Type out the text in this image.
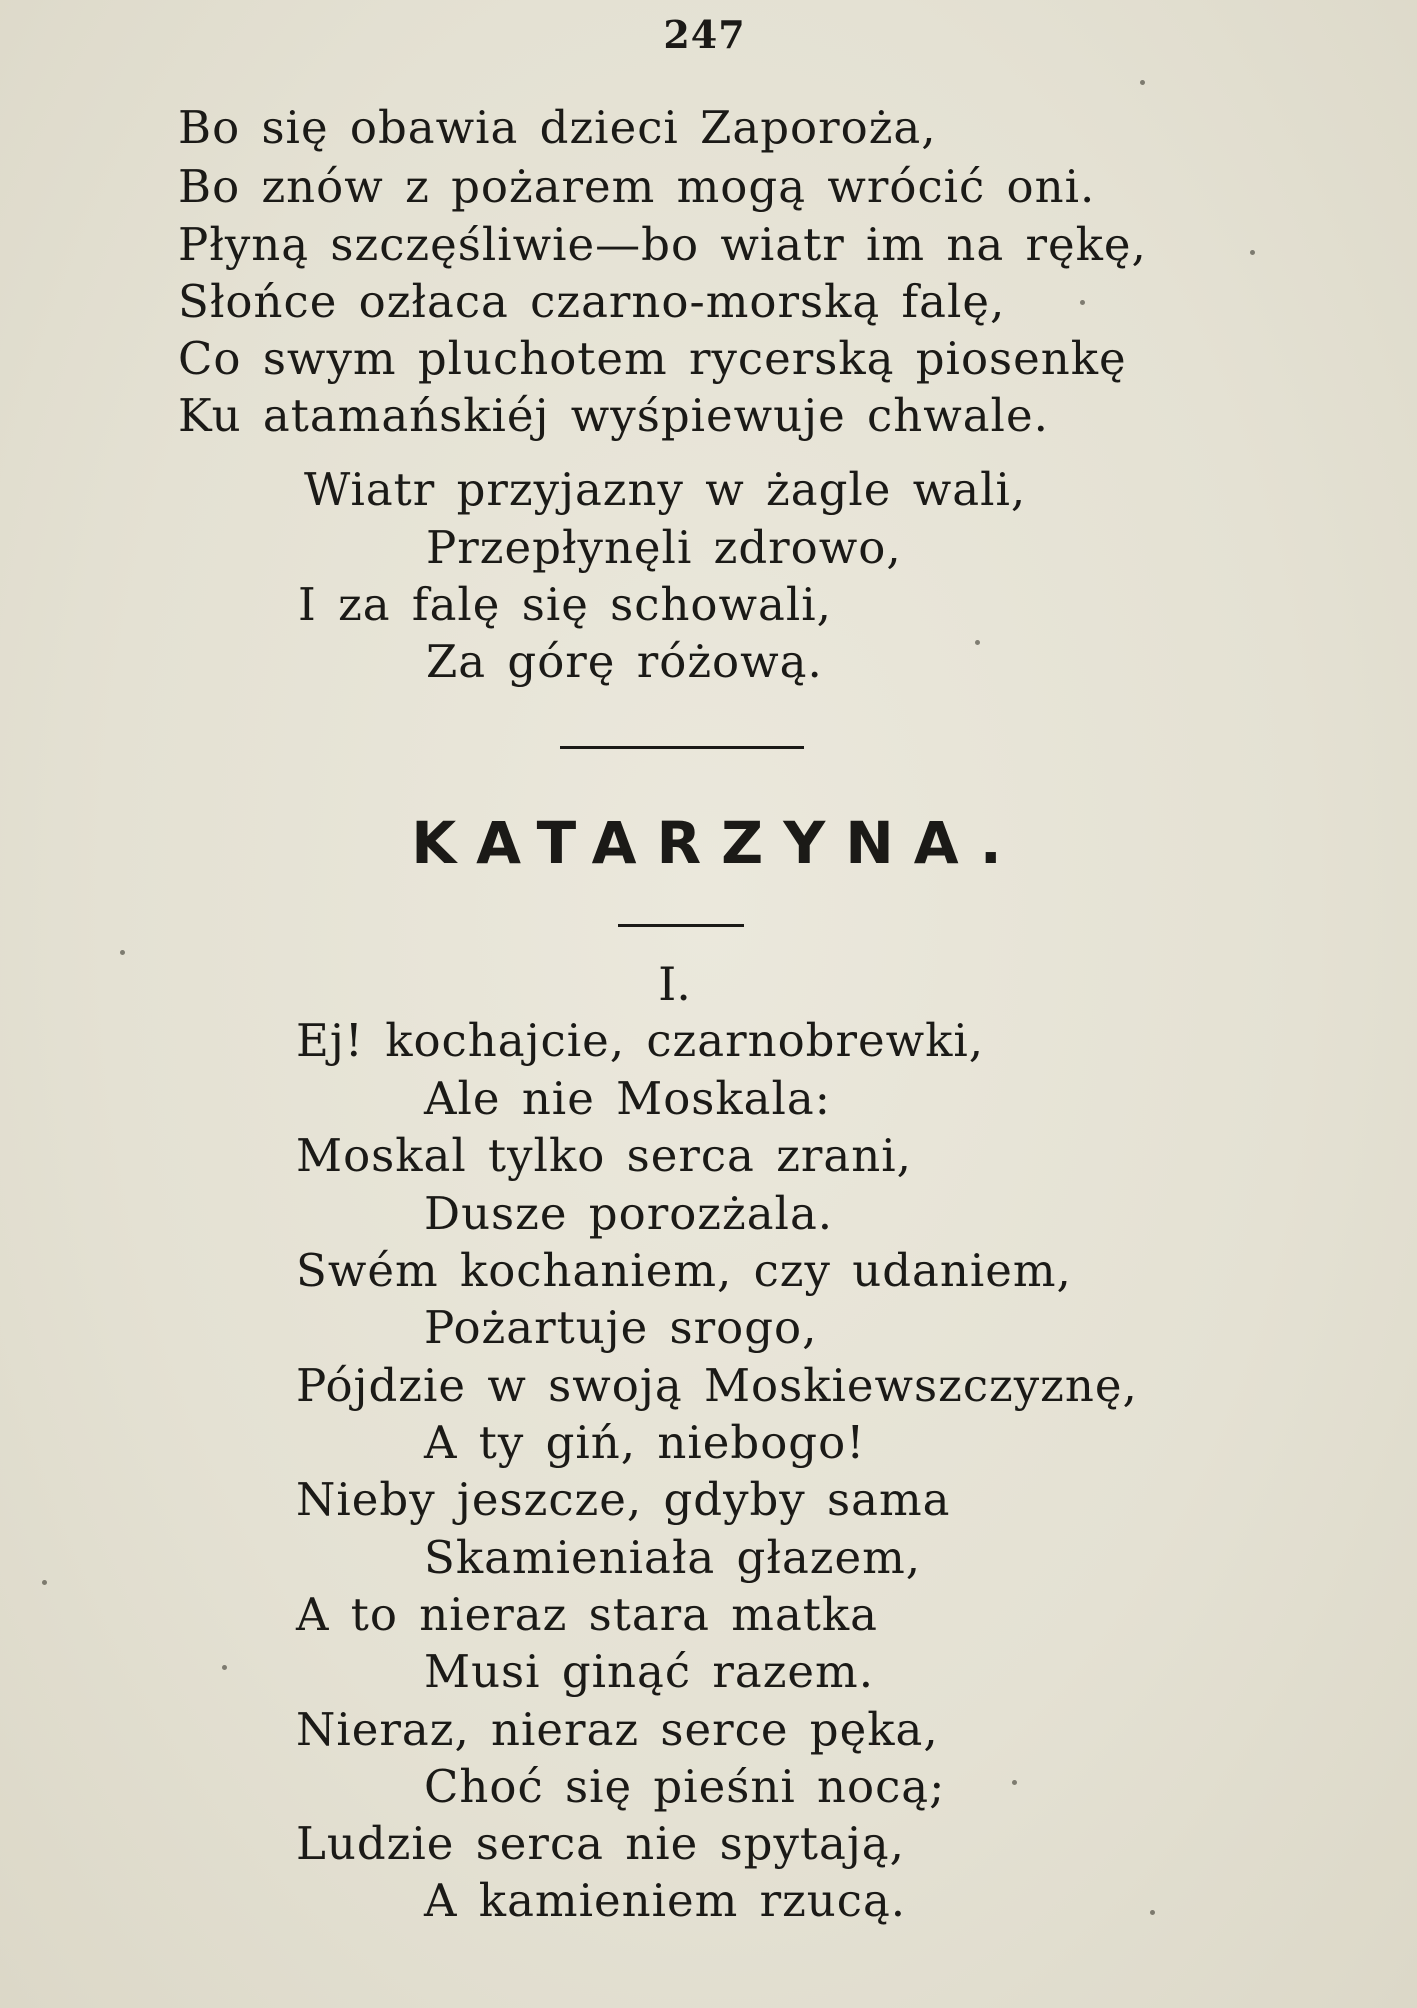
247
Bo się obawia dzieci Zaporoża,
Bo znów z pożarem mogą wrócić oni.
Płyną szczęśliwie—bo wiatr im na rękę,
Słońce ozłaca czarno-morską falę,
Co swym pluchotem rycerską piosenkę
Ku atamańskiéj wyśpiewuje chwale.
Wiatr przyjazny w żagle wali,
Przepłynęli zdrowo,
I za falę się schowali,
Za górę różową.
KATARZYNA.
I.
Ej! kochajcie, czarnobrewki,
Ale nie Moskala:
Moskal tylko serca zrani,
Dusze porozżala.
Swém kochaniem, czy udaniem,
Pożartuje srogo,
Pójdzie w swoją Moskiewszczyznę,
A ty giń, niebogo!
Nieby jeszcze, gdyby sama
Skamieniała głazem,
A to nieraz stara matka
Musi ginąć razem.
Nieraz, nieraz serce pęka,
Choć się pieśni nocą;
Ludzie serca nie spytają,
A kamieniem rzucą.
